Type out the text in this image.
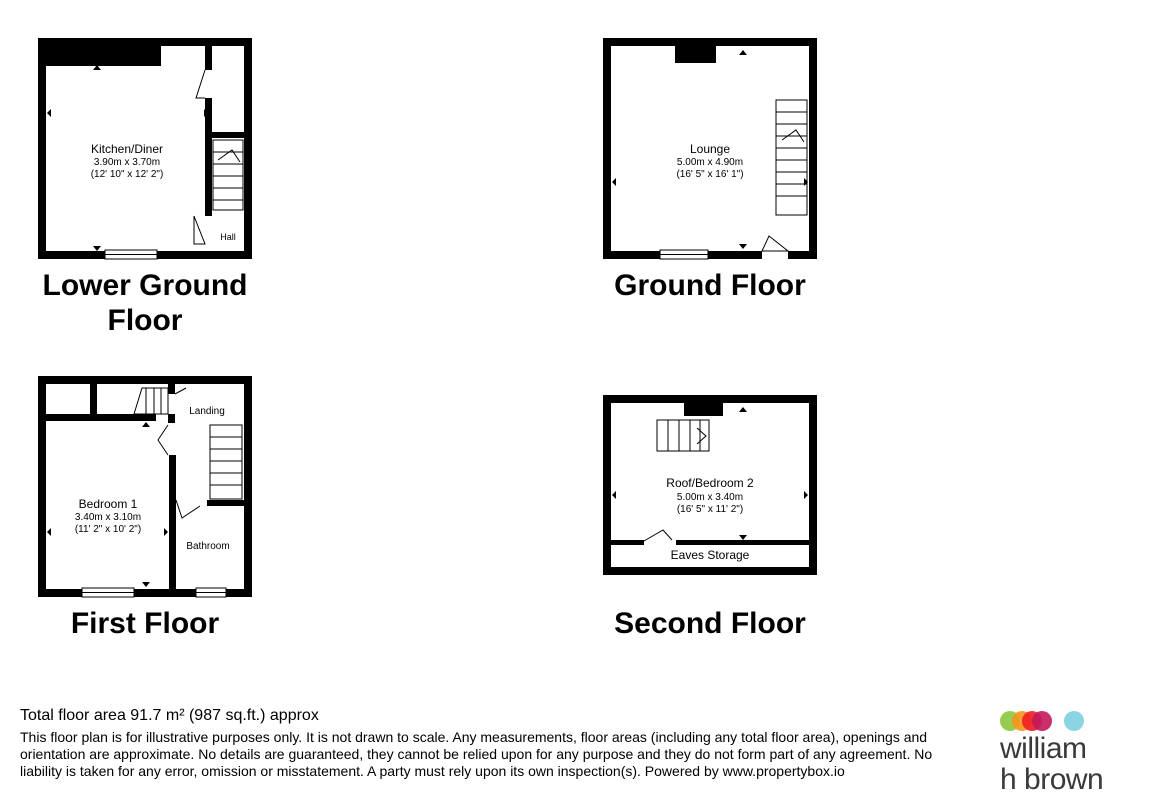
Kitchen/Diner
3.90m x 3.70m
(12' 10" x 12' 2")
Hall
Lounge
5.00m x 4.90m
(16' 5" x 16' 1")
Landing
Bedroom 1
3.40m x 3.10m
(11' 2" x 10' 2")
Bathroom
Roof/Bedroom 2
5.00m x 3.40m
(16' 5" x 11' 2")
Eaves Storage
Lower Ground Floor
Ground Floor
First Floor	Second Floor
Total floor area 91.7 m² (987 sq.ft.) approx
This floor plan is for illustrative purposes only. It is not drawn to scale. Any measurements, floor areas (including any total floor area), openings and orientation are approximate. No details are guaranteed, they cannot be relied upon for any purpose and they do not form part of any agreement. No liability is taken for any error, omission or misstatement. A party must rely upon its own inspection(s). Powered by www.propertybox.io
william
h brown
